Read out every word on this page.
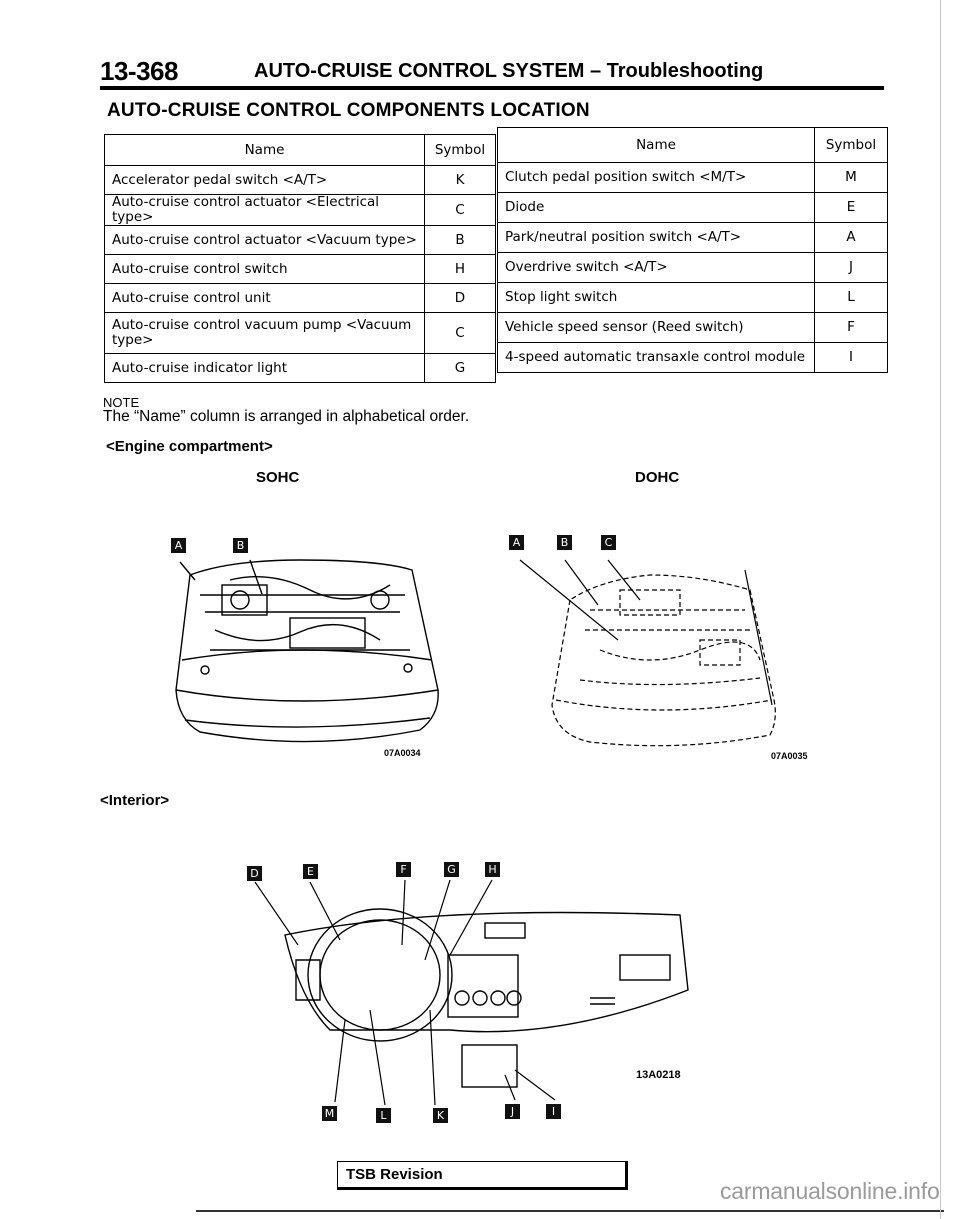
13-368	AUTO-CRUISE CONTROL SYSTEM – Troubleshooting
AUTO-CRUISE CONTROL COMPONENTS LOCATION
Name	Symbol
Accelerator pedal switch <A/T>	K
Auto-cruise control actuator <Electrical type>	C
Auto-cruise control actuator <Vacuum type>	B
Auto-cruise control switch	H
Auto-cruise control unit	D
Auto-cruise control vacuum pump <Vacuum type>	C
Auto-cruise indicator light	G
Name	Symbol
Clutch pedal position switch <M/T>	M
Diode	E
Park/neutral position switch <A/T>	A
Overdrive switch <A/T>	J
Stop light switch	L
Vehicle speed sensor (Reed switch)	F
4-speed automatic transaxle control module	I
NOTE
The “Name” column is arranged in alphabetical order.
<Engine compartment>
SOHC	DOHC
A	B
07A0034
A	B	C
07A0035
<Interior>
D	E	F	G	H
M	L	K	J	I
13A0218
TSB Revision
carmanualsonline.info
